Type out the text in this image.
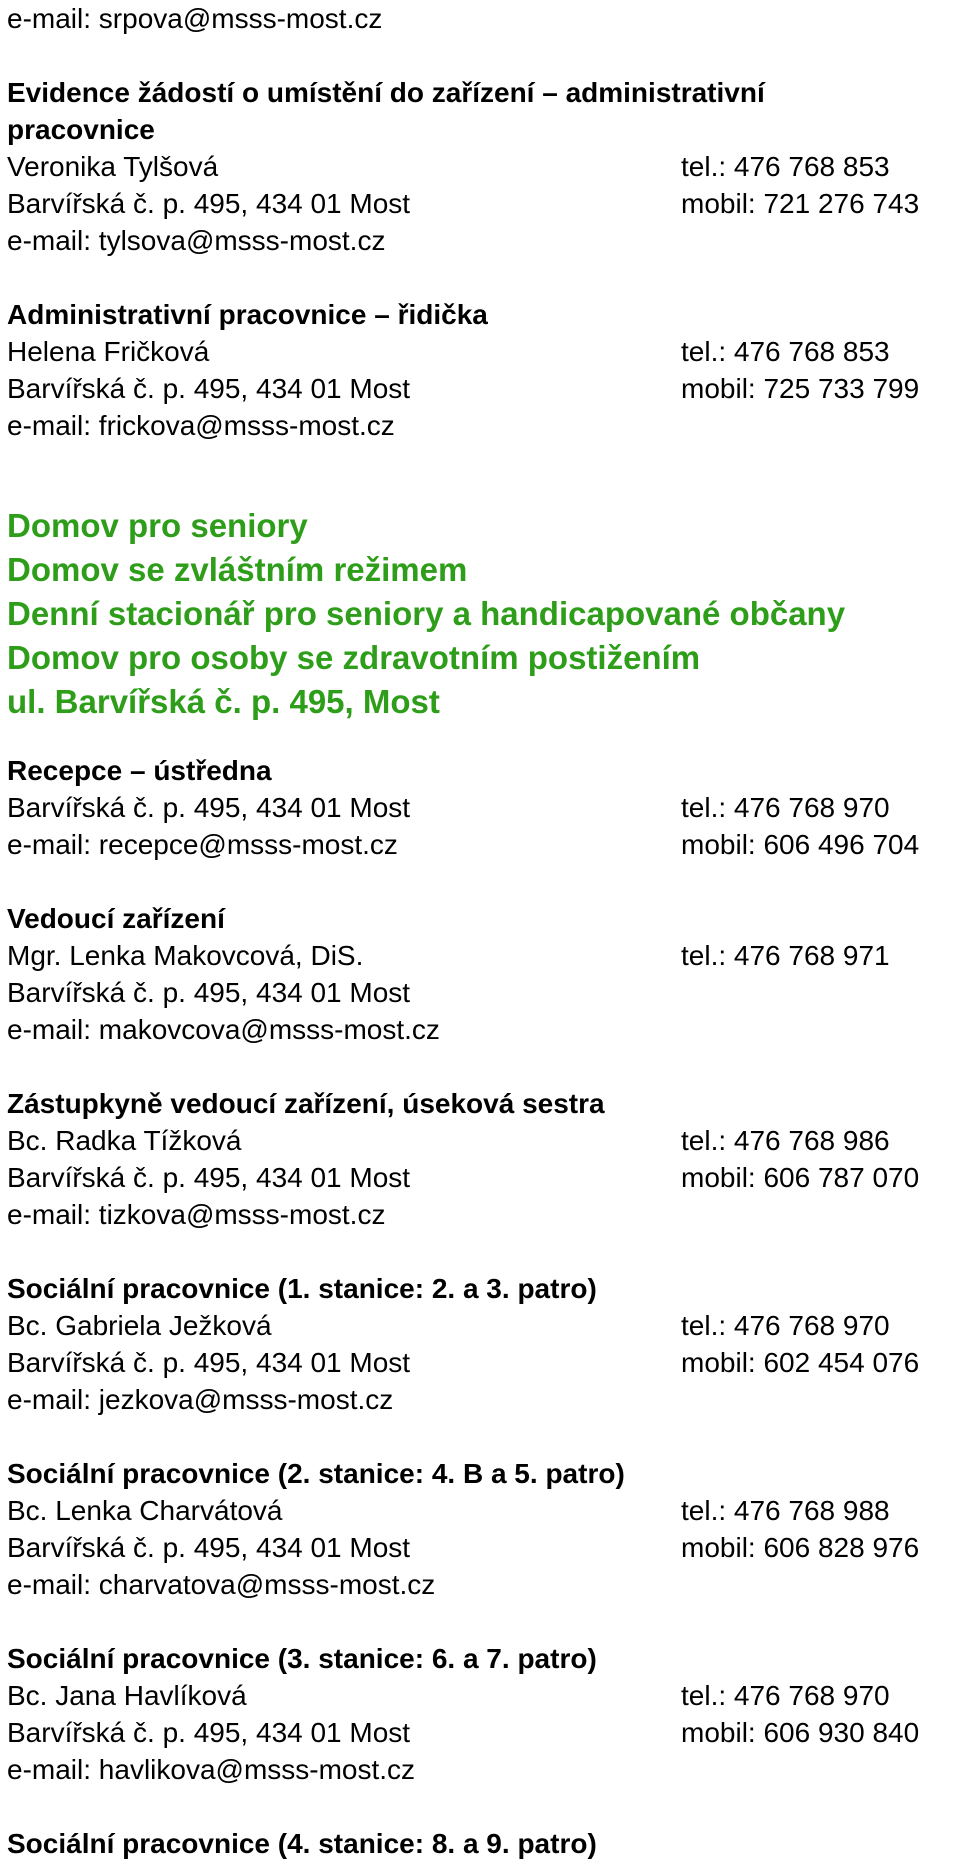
e-mail: srpova@msss-most.cz
Evidence žádostí o umístění do zařízení – administrativní
pracovnice
Veronika Tylšová	tel.: 476 768 853
Barvířská č. p. 495, 434 01 Most	mobil: 721 276 743
e-mail: tylsova@msss-most.cz
Administrativní pracovnice – řidička
Helena Fričková	tel.: 476 768 853
Barvířská č. p. 495, 434 01 Most	mobil: 725 733 799
e-mail: frickova@msss-most.cz
Domov pro seniory
Domov se zvláštním režimem
Denní stacionář pro seniory a handicapované občany
Domov pro osoby se zdravotním postižením
ul. Barvířská č. p. 495, Most
Recepce – ústředna
Barvířská č. p. 495, 434 01 Most	tel.: 476 768 970
e-mail: recepce@msss-most.cz	mobil: 606 496 704
Vedoucí zařízení
Mgr. Lenka Makovcová, DiS.	tel.: 476 768 971
Barvířská č. p. 495, 434 01 Most
e-mail: makovcova@msss-most.cz
Zástupkyně vedoucí zařízení, úseková sestra
Bc. Radka Tížková	tel.: 476 768 986
Barvířská č. p. 495, 434 01 Most	mobil: 606 787 070
e-mail: tizkova@msss-most.cz
Sociální pracovnice (1. stanice: 2. a 3. patro)
Bc. Gabriela Ježková	tel.: 476 768 970
Barvířská č. p. 495, 434 01 Most	mobil: 602 454 076
e-mail: jezkova@msss-most.cz
Sociální pracovnice (2. stanice: 4. B a 5. patro)
Bc. Lenka Charvátová	tel.: 476 768 988
Barvířská č. p. 495, 434 01 Most	mobil: 606 828 976
e-mail: charvatova@msss-most.cz
Sociální pracovnice (3. stanice: 6. a 7. patro)
Bc. Jana Havlíková	tel.: 476 768 970
Barvířská č. p. 495, 434 01 Most	mobil: 606 930 840
e-mail: havlikova@msss-most.cz
Sociální pracovnice (4. stanice: 8. a 9. patro)
